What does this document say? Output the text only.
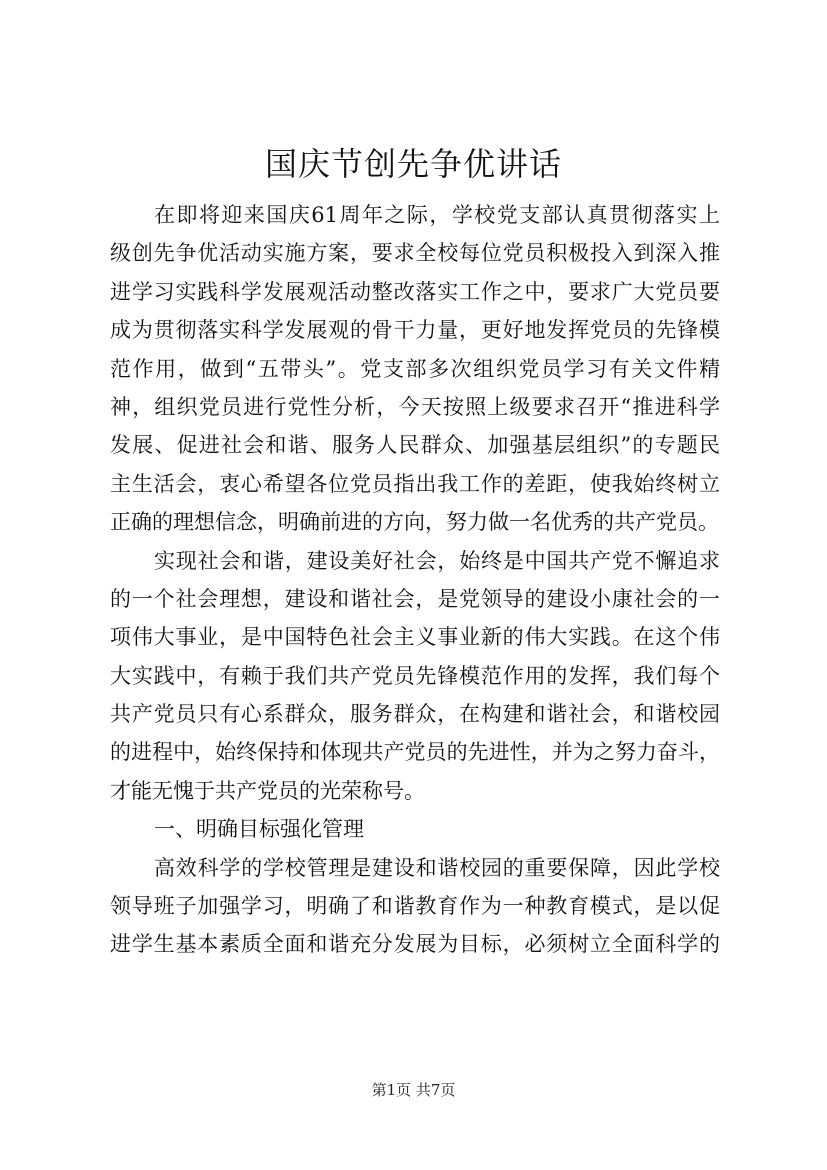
国庆节创先争优讲话
在即将迎来国庆61周年之际，学校党支部认真贯彻落实上
级创先争优活动实施方案，要求全校每位党员积极投入到深入推
进学习实践科学发展观活动整改落实工作之中，要求广大党员要
成为贯彻落实科学发展观的骨干力量，更好地发挥党员的先锋模
范作用，做到“五带头”。党支部多次组织党员学习有关文件精
神，组织党员进行党性分析，今天按照上级要求召开“推进科学
发展、促进社会和谐、服务人民群众、加强基层组织”的专题民
主生活会，衷心希望各位党员指出我工作的差距，使我始终树立
正确的理想信念，明确前进的方向，努力做一名优秀的共产党员。
实现社会和谐，建设美好社会，始终是中国共产党不懈追求
的一个社会理想，建设和谐社会，是党领导的建设小康社会的一
项伟大事业，是中国特色社会主义事业新的伟大实践。在这个伟
大实践中，有赖于我们共产党员先锋模范作用的发挥，我们每个
共产党员只有心系群众，服务群众，在构建和谐社会，和谐校园
的进程中，始终保持和体现共产党员的先进性，并为之努力奋斗，
才能无愧于共产党员的光荣称号。
一、明确目标强化管理
高效科学的学校管理是建设和谐校园的重要保障，因此学校
领导班子加强学习，明确了和谐教育作为一种教育模式，是以促
进学生基本素质全面和谐充分发展为目标，必须树立全面科学的
第1页 共7页
